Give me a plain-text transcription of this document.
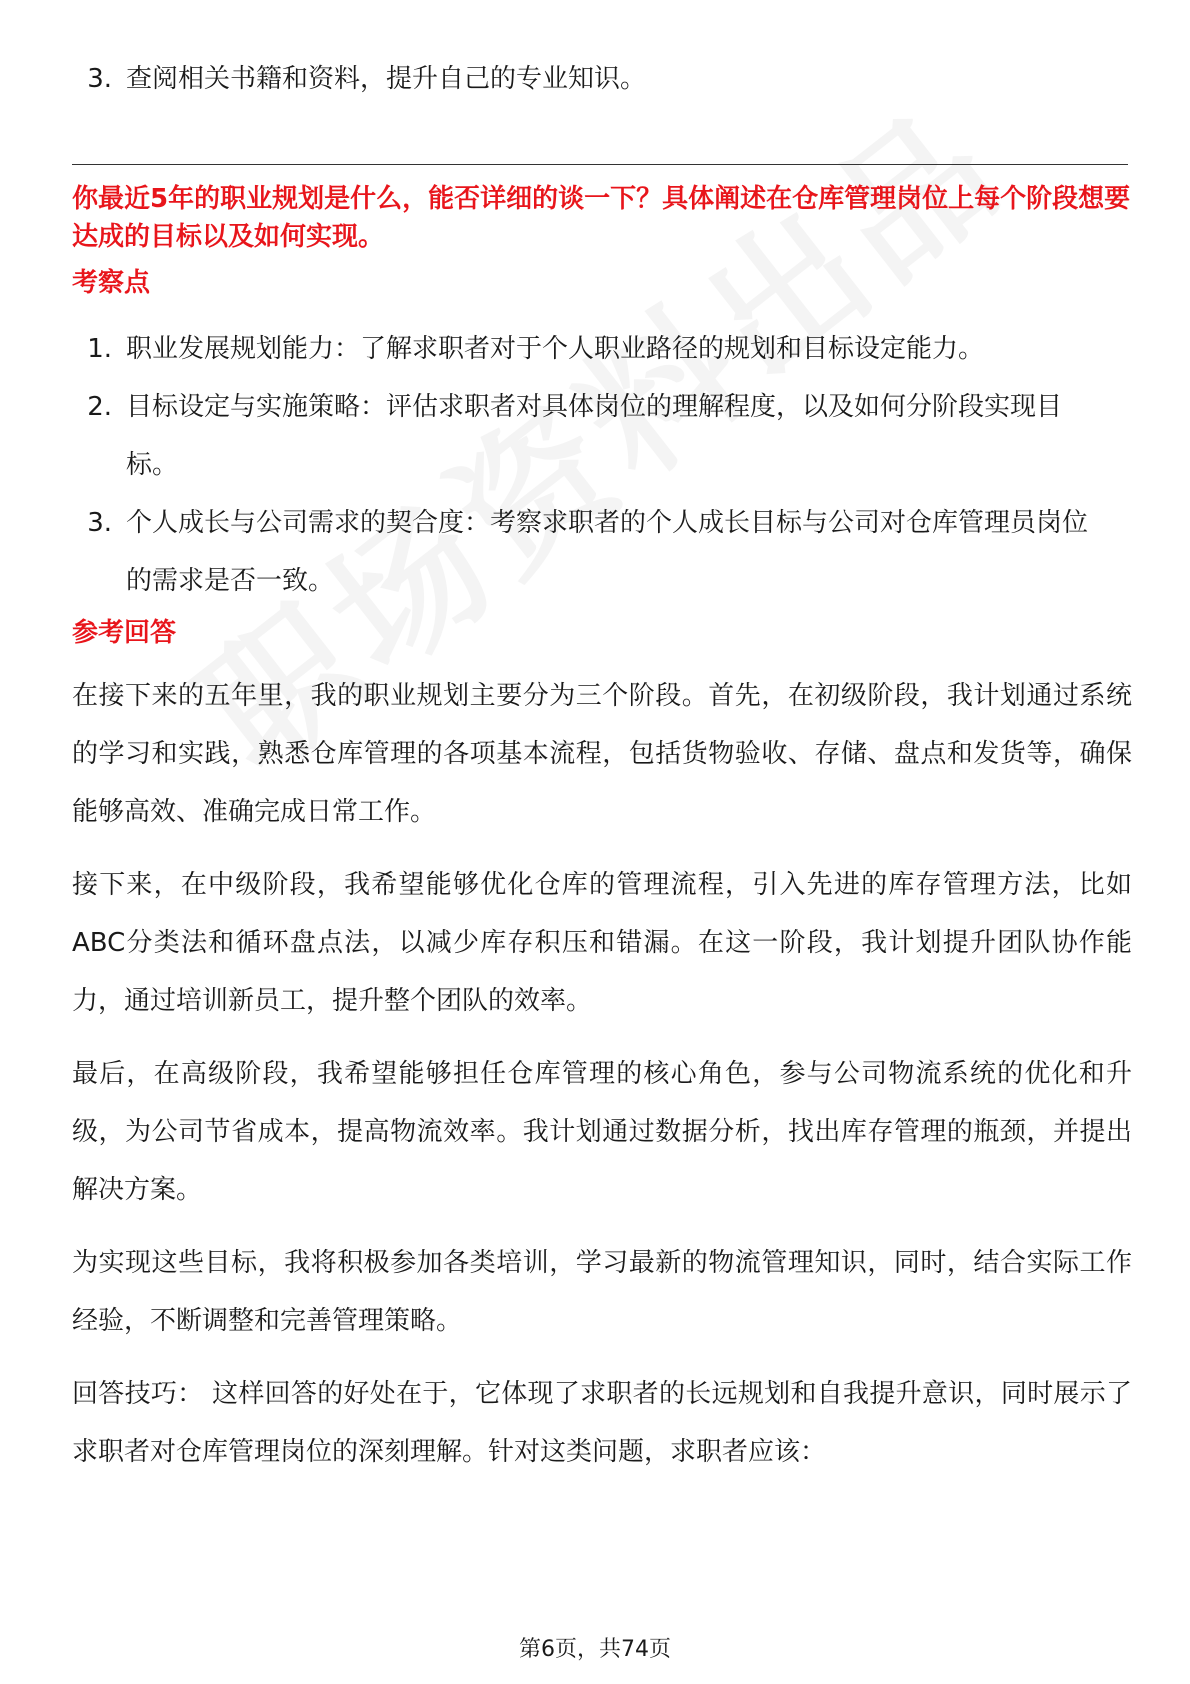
3. 查阅相关书籍和资料，提升自己的专业知识。
你最近5年的职业规划是什么，能否详细的谈一下？具体阐述在仓库管理岗位上每个阶段想要达成的目标以及如何实现。
考察点
1. 职业发展规划能力：了解求职者对于个人职业路径的规划和目标设定能力。
2. 目标设定与实施策略：评估求职者对具体岗位的理解程度，以及如何分阶段实现目标。
3. 个人成长与公司需求的契合度：考察求职者的个人成长目标与公司对仓库管理员岗位的需求是否一致。
参考回答
在接下来的五年里，我的职业规划主要分为三个阶段。首先，在初级阶段，我计划通过系统的学习和实践，熟悉仓库管理的各项基本流程，包括货物验收、存储、盘点和发货等，确保能够高效、准确完成日常工作。
接下来，在中级阶段，我希望能够优化仓库的管理流程，引入先进的库存管理方法，比如ABC分类法和循环盘点法，以减少库存积压和错漏。在这一阶段，我计划提升团队协作能力，通过培训新员工，提升整个团队的效率。
最后，在高级阶段，我希望能够担任仓库管理的核心角色，参与公司物流系统的优化和升级，为公司节省成本，提高物流效率。我计划通过数据分析，找出库存管理的瓶颈，并提出解决方案。
为实现这些目标，我将积极参加各类培训，学习最新的物流管理知识，同时，结合实际工作经验，不断调整和完善管理策略。
回答技巧： 这样回答的好处在于，它体现了求职者的长远规划和自我提升意识，同时展示了求职者对仓库管理岗位的深刻理解。针对这类问题，求职者应该：
第6页，共74页
